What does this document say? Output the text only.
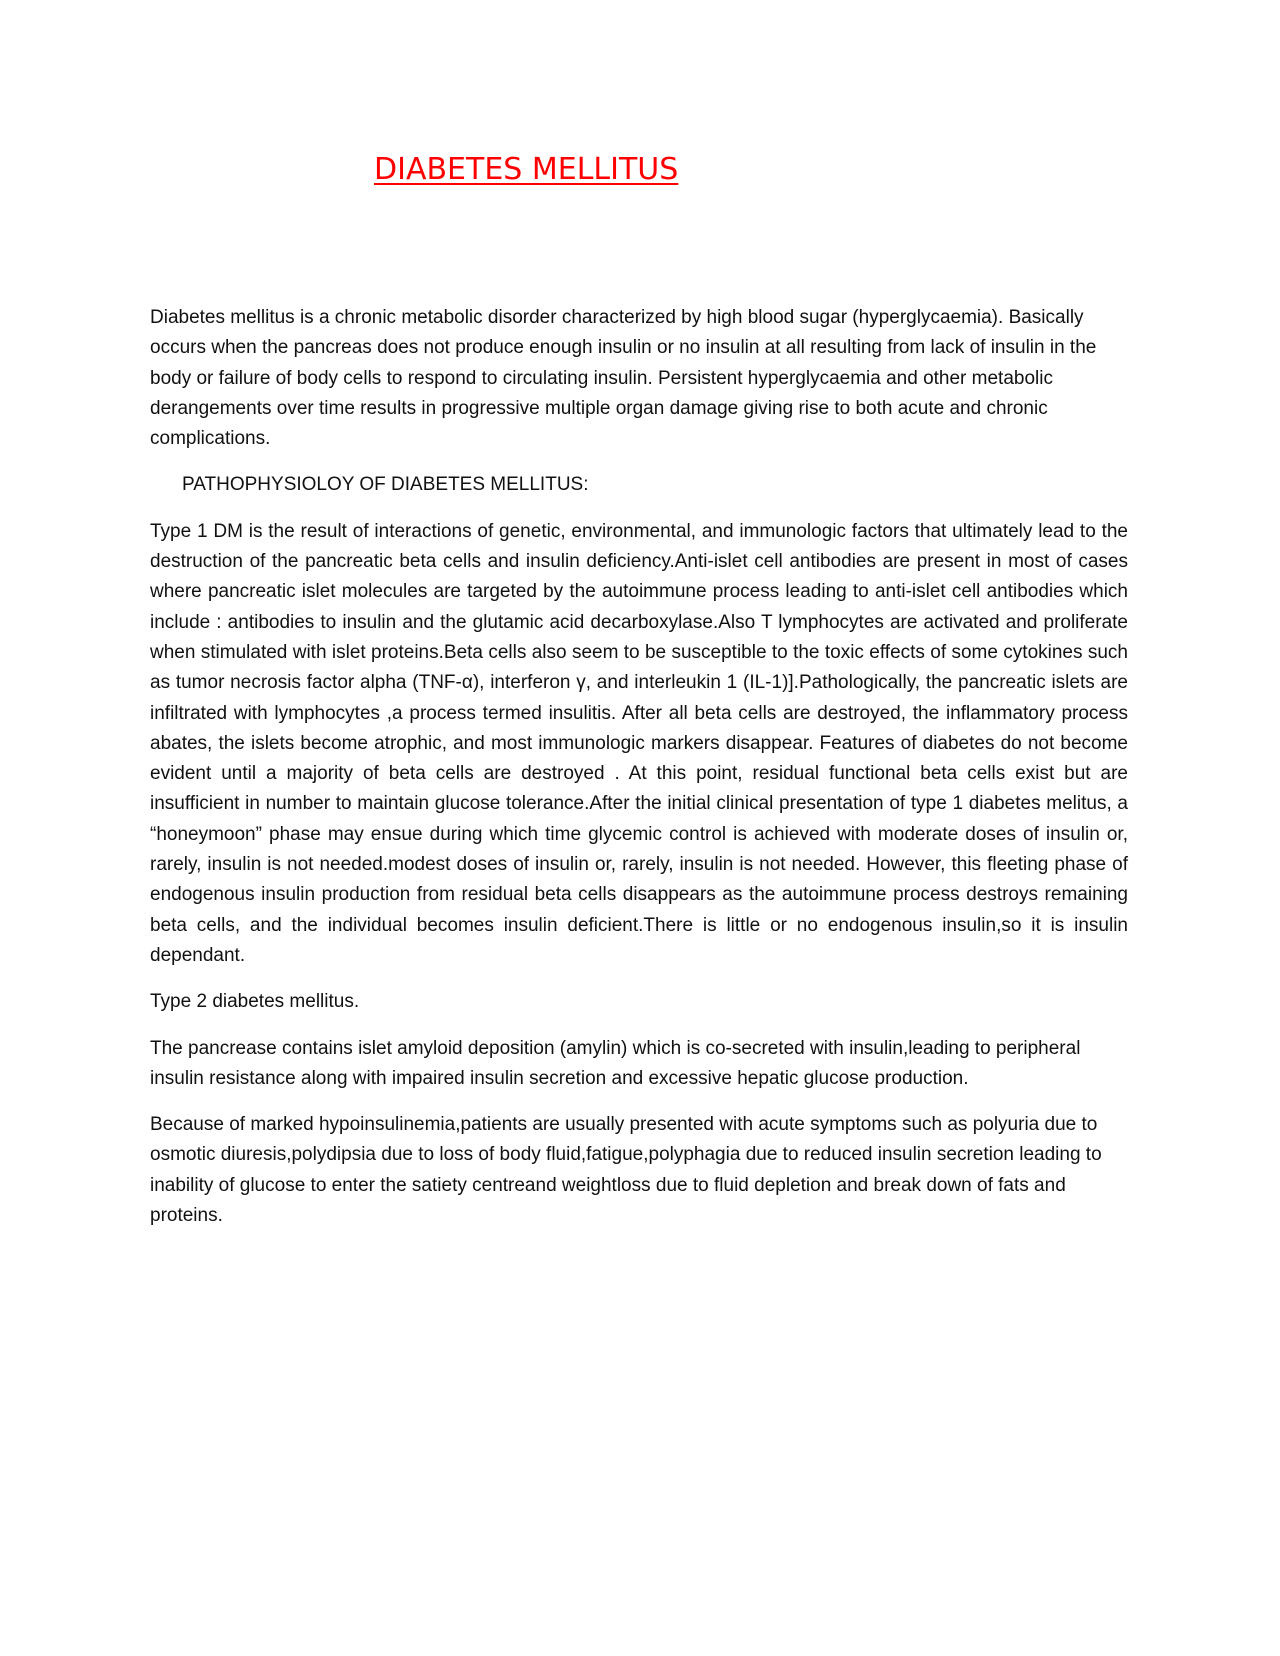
DIABETES MELLITUS

Diabetes mellitus is a chronic metabolic disorder characterized by high blood sugar (hyperglycaemia). Basically occurs when the pancreas does not produce enough insulin or no insulin at all resulting from lack of insulin in the body or failure of body cells to respond to circulating insulin. Persistent hyperglycaemia and other metabolic derangements over time results in progressive multiple organ damage giving rise to both acute and chronic complications.

PATHOPHYSIOLOY OF DIABETES MELLITUS:

Type 1 DM is the result of interactions of genetic, environmental, and immunologic factors that ultimately lead to the destruction of the pancreatic beta cells and insulin deficiency.Anti-islet cell antibodies are present in most of cases where pancreatic islet molecules are targeted by the autoimmune process leading to anti-islet cell antibodies which include : antibodies to insulin and the glutamic acid decarboxylase.Also T lymphocytes are activated and proliferate when stimulated with islet proteins.Beta cells also seem to be susceptible to the toxic effects of some cytokines such as tumor necrosis factor alpha (TNF-α), interferon γ, and interleukin 1 (IL-1)].Pathologically, the pancreatic islets are infiltrated with lymphocytes ,a process termed insulitis. After all beta cells are destroyed, the inflammatory process abates, the islets become atrophic, and most immunologic markers disappear. Features of diabetes do not become evident until a majority of beta cells are destroyed . At this point, residual functional beta cells exist but are insufficient in number to maintain glucose tolerance.After the initial clinical presentation of type 1 diabetes melitus, a “honeymoon” phase may ensue during which time glycemic control is achieved with moderate doses of insulin or, rarely, insulin is not needed.modest doses of insulin or, rarely, insulin is not needed. However, this fleeting phase of endogenous insulin production from residual beta cells disappears as the autoimmune process destroys remaining beta cells, and the individual becomes insulin deficient.There is little or no endogenous insulin,so it is insulin dependant.

Type 2 diabetes mellitus.

The pancrease contains islet amyloid deposition (amylin) which is co-secreted with insulin,leading to peripheral insulin resistance along with impaired insulin secretion and excessive hepatic glucose production.

Because of marked hypoinsulinemia,patients are usually presented with acute symptoms such as polyuria due to osmotic diuresis,polydipsia due to loss of body fluid,fatigue,polyphagia due to reduced insulin secretion leading to inability of glucose to enter the satiety centreand weightloss due to fluid depletion and break down of fats and proteins.
